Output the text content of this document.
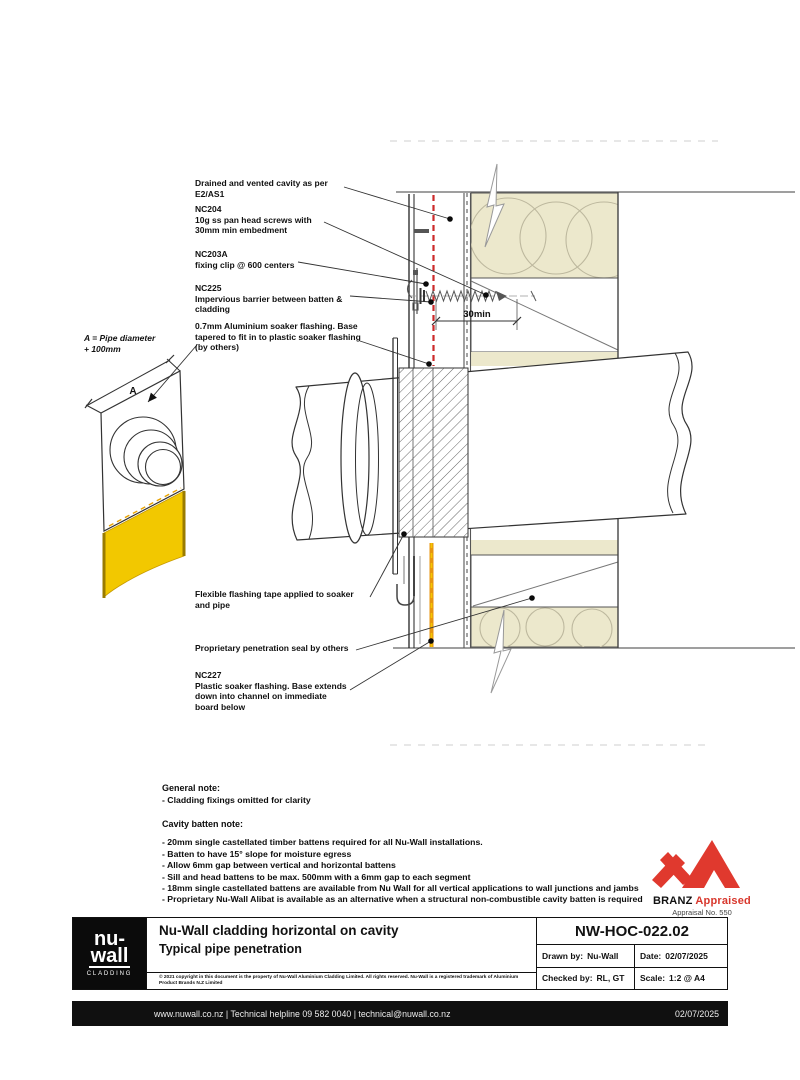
30min
A
Drained and vented cavity as per
E2/AS1
NC204
10g ss pan head screws with
30mm min embedment
NC203A
fixing clip @ 600 centers
NC225
Impervious barrier between batten &
cladding
0.7mm Aluminium soaker flashing. Base
tapered to fit in to plastic soaker flashing
(by others)
Flexible flashing tape applied to soaker
and pipe
Proprietary penetration seal by others
NC227
Plastic soaker flashing. Base extends
down into channel on immediate
board below
A = Pipe diameter
+ 100mm
General note:
- Cladding fixings omitted for clarity
Cavity batten note:
- 20mm single castellated timber battens required for all Nu-Wall installations.
- Batten to have 15° slope for moisture egress
- Allow 6mm gap between vertical and horizontal battens
- Sill and head battens to be max. 500mm with a 6mm gap to each segment
- 18mm single castellated battens are available from Nu Wall for all vertical applications to wall junctions and jambs
- Proprietary Nu-Wall Alibat is available as an alternative when a structural non-combustible cavity batten is required BRANZ Appraised
Appraisal No. 550
nu-
wall
CLADDING
Nu-Wall cladding horizontal on cavity
Typical pipe penetration
© 2021 copyright in this document is the property of Nu-Wall Aluminium Cladding Limited. All rights reserved. Nu-Wall is a registered trademark of Aluminium Product Brands N.Z Limited
NW-HOC-022.02
Drawn by: Nu-Wall	Date: 02/07/2025
Checked by: RL, GT Scale: 1:2 @ A4
www.nuwall.co.nz | Technical helpline 09 582 0040 | technical@nuwall.co.nz	02/07/2025
